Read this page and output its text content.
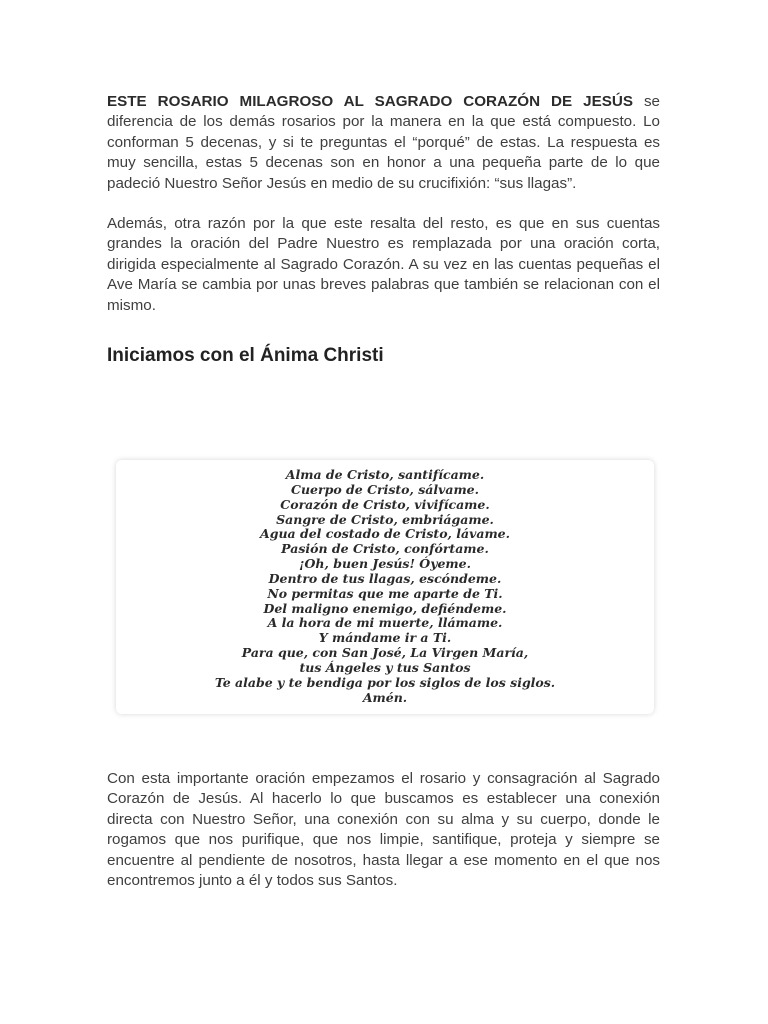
ESTE ROSARIO MILAGROSO AL SAGRADO CORAZÓN DE JESÚS se diferencia de los demás rosarios por la manera en la que está compuesto. Lo conforman 5 decenas, y si te preguntas el “porqué” de estas. La respuesta es muy sencilla, estas 5 decenas son en honor a una pequeña parte de lo que padeció Nuestro Señor Jesús en medio de su crucifixión: “sus llagas”.

Además, otra razón por la que este resalta del resto, es que en sus cuentas grandes la oración del Padre Nuestro es remplazada por una oración corta, dirigida especialmente al Sagrado Corazón. A su vez en las cuentas pequeñas el Ave María se cambia por unas breves palabras que también se relacionan con el mismo.

Iniciamos con el Ánima Christi

Alma de Cristo, santifícame.

Cuerpo de Cristo, sálvame.

Corazón de Cristo, vivifícame.

Sangre de Cristo, embriágame.

Agua del costado de Cristo, lávame.

Pasión de Cristo, confórtame.

¡Oh, buen Jesús! Óyeme.

Dentro de tus llagas, escóndeme.

No permitas que me aparte de Ti.

Del maligno enemigo, defiéndeme.

A la hora de mi muerte, llámame.

Y mándame ir a Ti.

Para que, con San José, La Virgen María,

tus Ángeles y tus Santos

Te alabe y te bendiga por los siglos de los siglos.

Amén.

Con esta importante oración empezamos el rosario y consagración al Sagrado Corazón de Jesús. Al hacerlo lo que buscamos es establecer una conexión directa con Nuestro Señor, una conexión con su alma y su cuerpo, donde le rogamos que nos purifique, que nos limpie, santifique, proteja y siempre se encuentre al pendiente de nosotros, hasta llegar a ese momento en el que nos encontremos junto a él y todos sus Santos.
